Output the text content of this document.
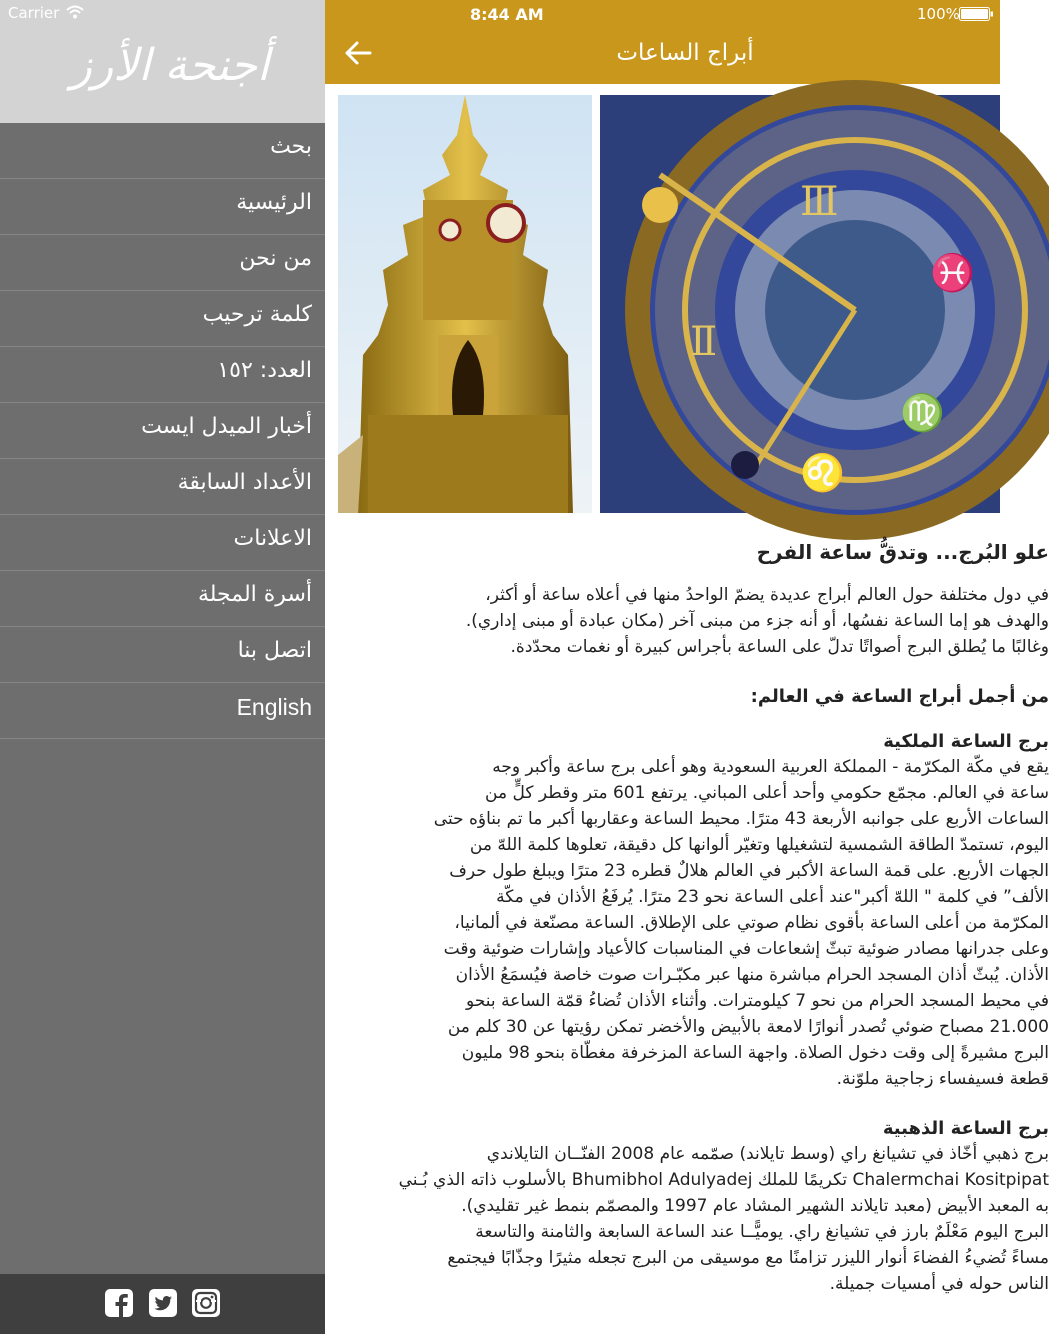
Carrier
أجنحة الأرز
بحث
الرئيسية
من نحن
كلمة ترحيب
العدد: ١٥٢
أخبار الميدل ايست
الأعداد السابقة
الاعلانات
أسرة المجلة
اتصل بنا
English
8:44 AM	100%
أبراج الساعات
Ⅲ
Ⅱ
♓
♍
♌
علو البُرج... وتدقُّ ساعة الفرح
في دول مختلفة حول العالم أبراج عديدة يضمّ الواحدُ منها في أعلاه ساعة أو أكثر،
والهدف هو إما الساعة نفسُها، أو أنه جزء من مبنى آخر (مكان عبادة أو مبنى إداري).
وغالبًا ما يُطلق البرج أصواتًا تدلّ على الساعة بأجراس كبيرة أو نغمات محدّدة.
من أجمل أبراج الساعة في العالم:
برج الساعة الملكية
يقع في مكّة المكرّمة - المملكة العربية السعودية وهو أعلى برج ساعة وأكبر وجه
ساعة في العالم. مجمّع حكومي وأحد أعلى المباني. يرتفع 601 متر وقطر كلٍّ من
الساعات الأربع على جوانبه الأربعة 43 مترًا. محيط الساعة وعقاربها أكبر ما تم بناؤه حتى
اليوم، تستمدّ الطاقة الشمسية لتشغيلها وتغيّر ألوانها كل دقيقة، تعلوها كلمة اللهّ من
الجهات الأربع. على قمة الساعة الأكبر في العالم هلالٌ قطره 23 مترًا ويبلغ طول حرف
الألف” في كلمة " اللهّ أكبر"عند أعلى الساعة نحو 23 مترًا. يُرفَعُ الأذان في مكّة
المكرّمة من أعلى الساعة بأقوى نظام صوتي على الإطلاق. الساعة مصنّعة في ألمانيا،
وعلى جدرانها مصادر ضوئية تبثّ إشعاعات في المناسبات كالأعياد وإشارات ضوئية وقت
الأذان. يُبثّ أذان المسجد الحرام مباشرة منها عبر مكبّـرات صوت خاصة فيُسمَعُ الأذان
في محيط المسجد الحرام من نحو 7 كيلومترات. وأثناء الأذان تُضاءُ قمّة الساعة بنحو
21.000 مصباح ضوئي تُصدر أنوارًا لامعة بالأبيض والأخضر تمكن رؤيتها عن 30 كلم من
البرج مشيرةً إلى وقت دخول الصلاة. واجهة الساعة المزخرفة مغطّاة بنحو 98 مليون
قطعة فسيفساء زجاجية ملوّنة.
برج الساعة الذهبية
برج ذهبي أخّاذ في تشيانغ راي (وسط تايلاند) صمّمه عام 2008 الفنّــان التايلاندي
Chalermchai Kositpipat تكريمًا للملك Bhumibhol Adulyadej بالأسلوب ذاته الذي بُـني
به المعبد الأبيض (معبد تايلاند الشهير المشاد عام 1997 والمصمّم بنمط غير تقليدي).
البرج اليوم مَعْلَمٌ بارز في تشيانغ راي. يوميًّــا عند الساعة السابعة والثامنة والتاسعة
مساءً تُضيءُ الفضاءَ أنوار الليزر تزامنًا مع موسيقى من البرج تجعله مثيرًا وجذّابًا فيجتمع
الناس حوله في أمسيات جميلة.
